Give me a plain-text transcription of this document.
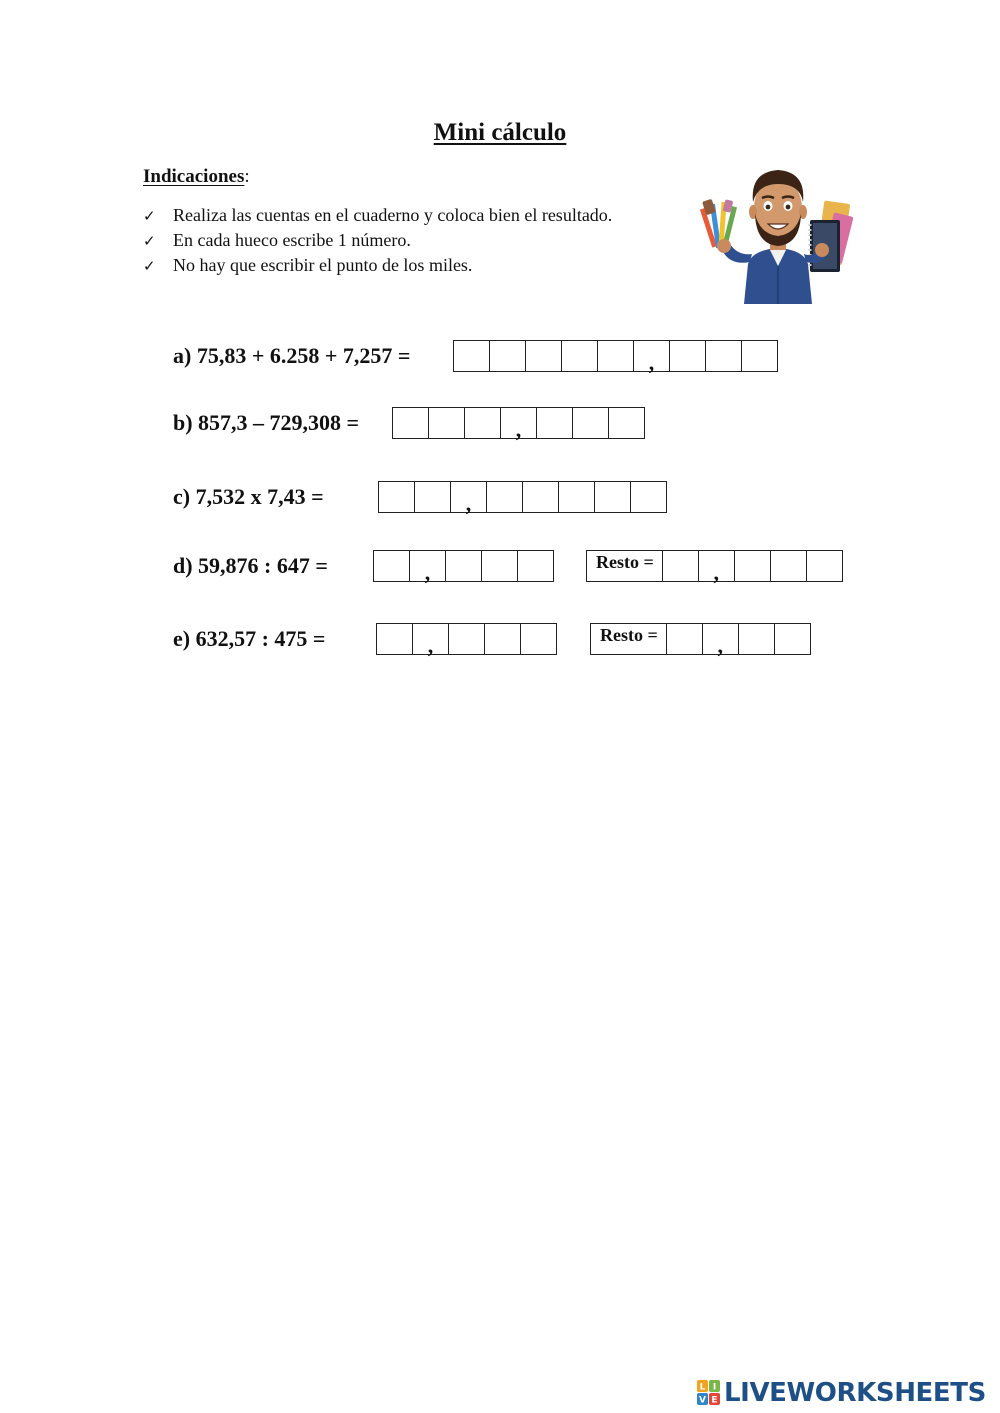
Mini cálculo
Indicaciones:
✓ Realiza las cuentas en el cuaderno y coloca bien el resultado.
✓ En cada hueco escribe 1 número.
✓ No hay que escribir el punto de los miles.
a) 75,83 + 6.258 + 7,257 =	,
b) 857,3 – 729,308 =	,
c) 7,532 x 7,43 =	,
d) 59,876 : 647 =	,	Resto =	,
e) 632,57 : 475 =	,	Resto =	,
L I
V E LIVEWORKSHEETS
